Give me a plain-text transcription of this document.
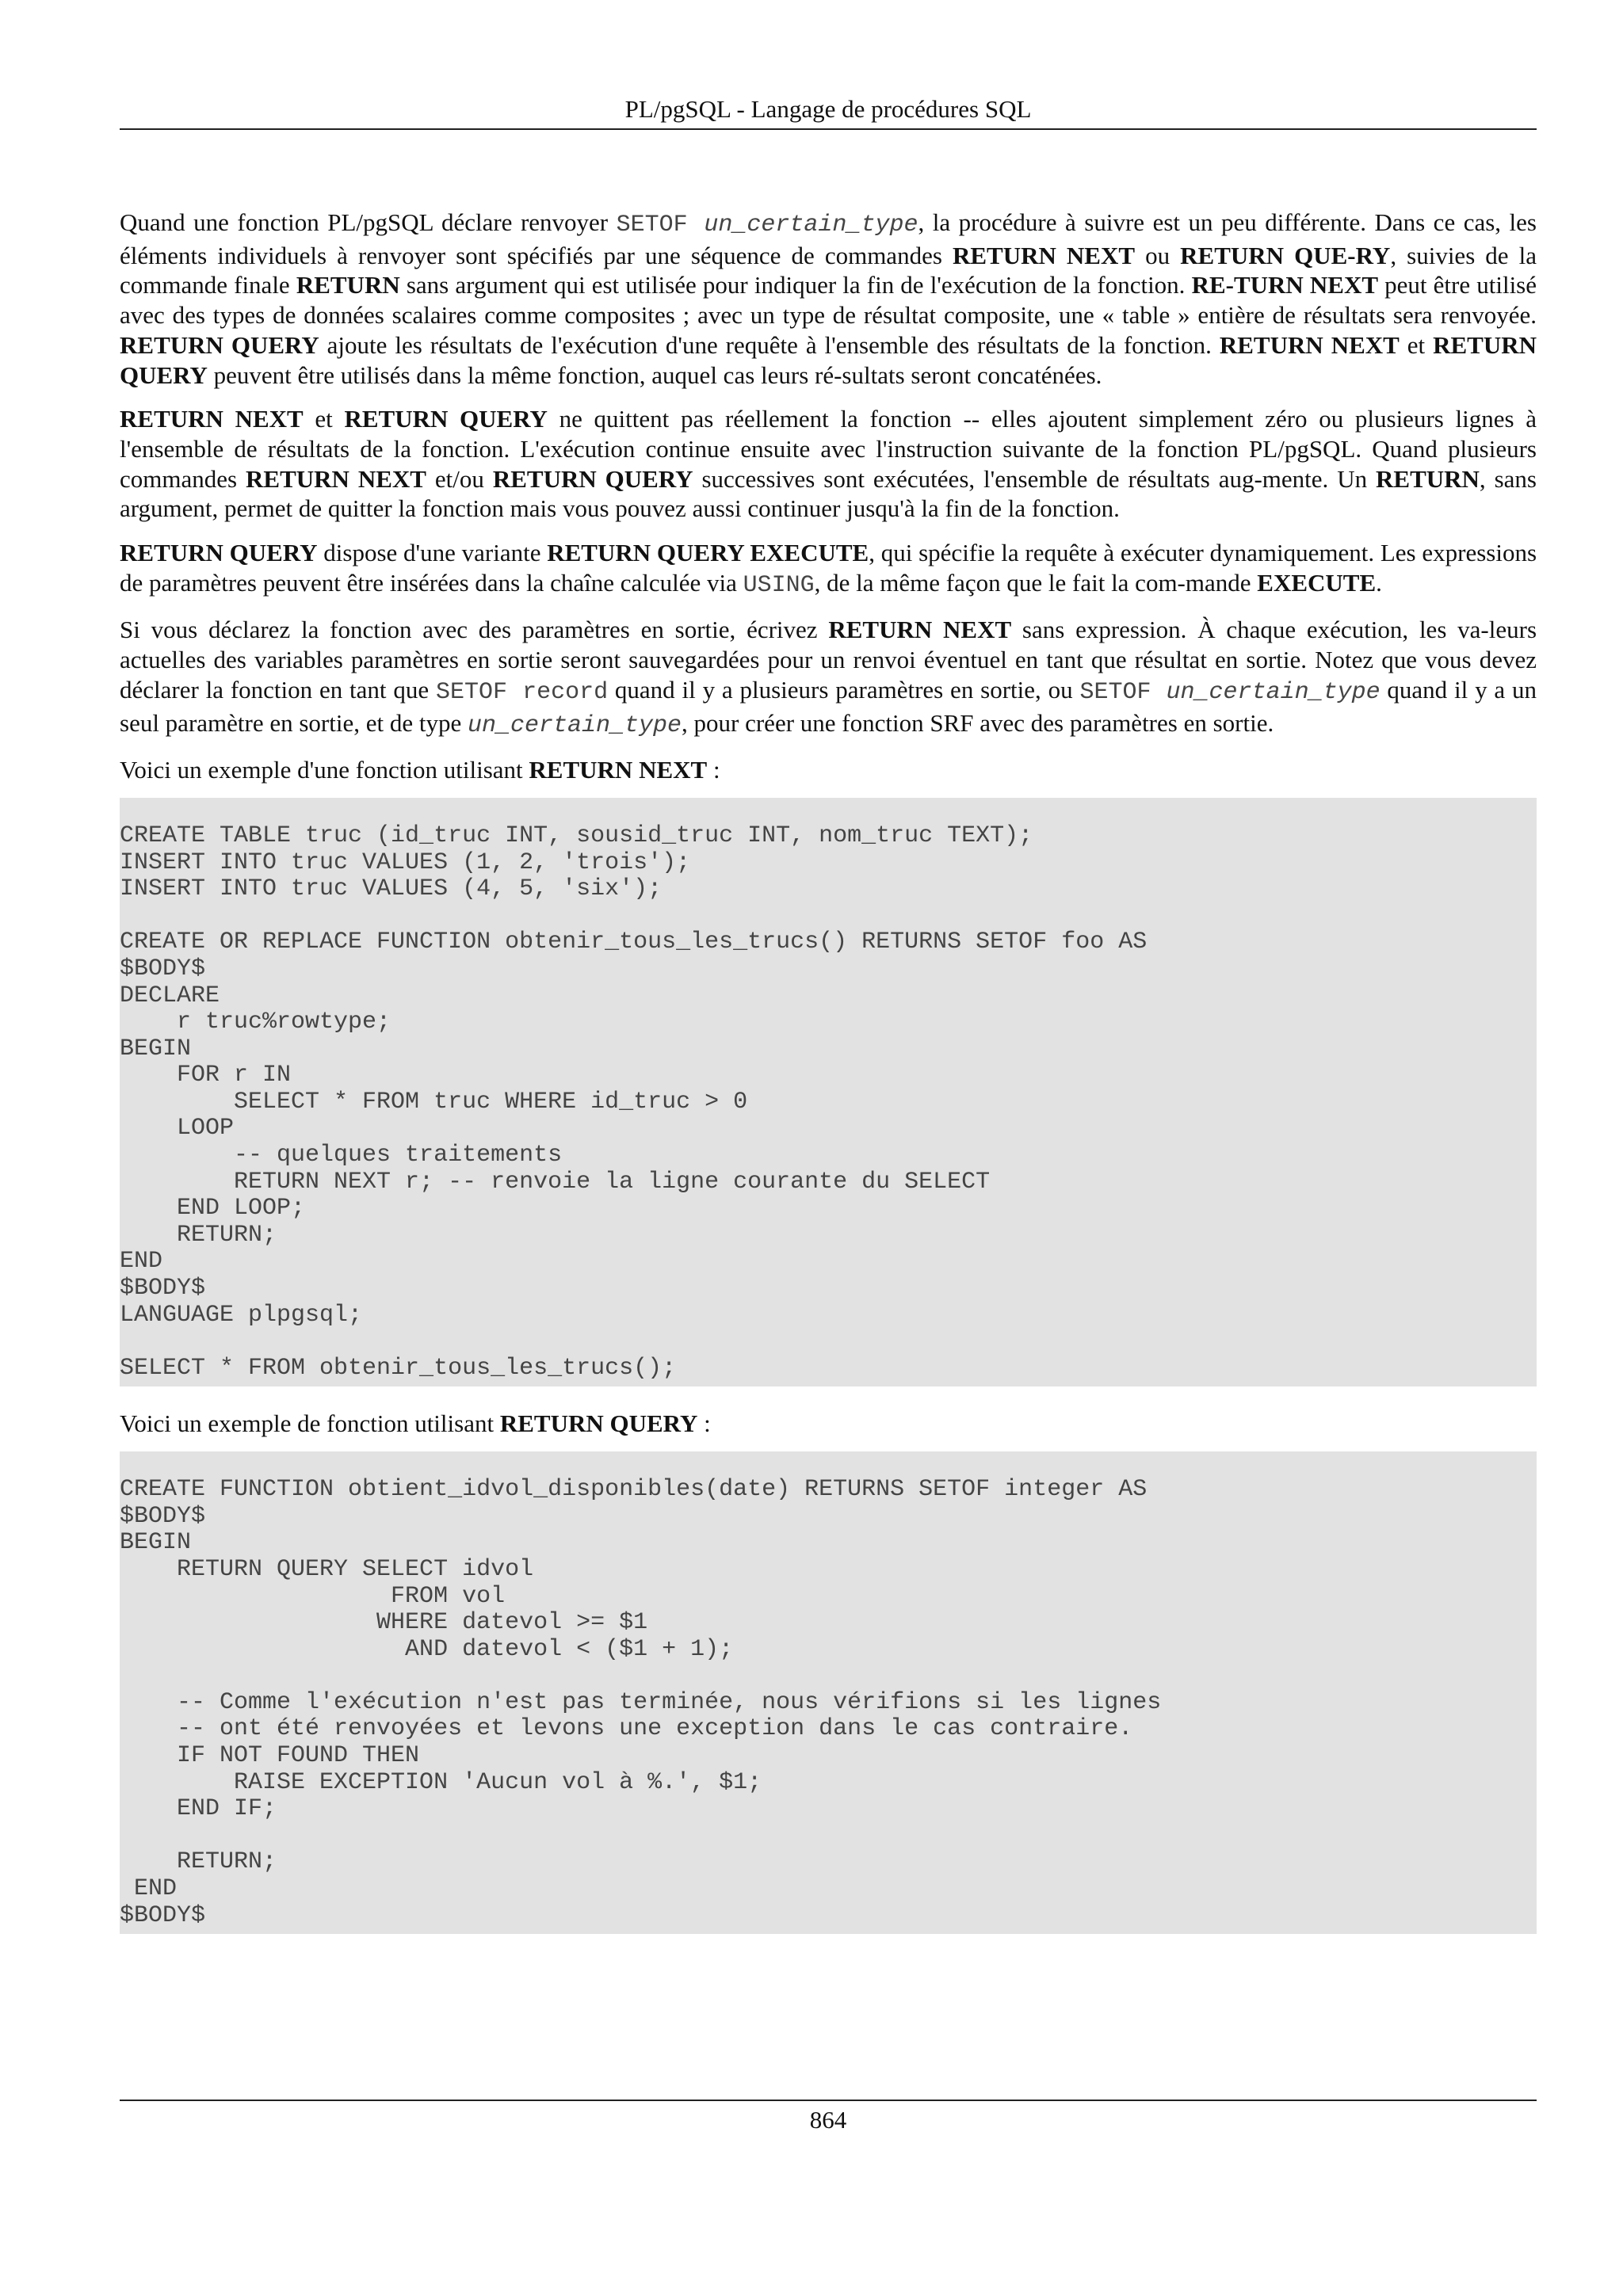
PL/pgSQL - Langage de procédures SQL

Quand une fonction PL/pgSQL déclare renvoyer SETOF un_certain_type, la procédure à suivre est un peu différente. Dans ce cas, les éléments individuels à renvoyer sont spécifiés par une séquence de commandes RETURN NEXT ou RETURN QUE-RY, suivies de la commande finale RETURN sans argument qui est utilisée pour indiquer la fin de l'exécution de la fonction. RE-TURN NEXT peut être utilisé avec des types de données scalaires comme composites ; avec un type de résultat composite, une « table » entière de résultats sera renvoyée. RETURN QUERY ajoute les résultats de l'exécution d'une requête à l'ensemble des résultats de la fonction. RETURN NEXT et RETURN QUERY peuvent être utilisés dans la même fonction, auquel cas leurs ré-sultats seront concaténées.

RETURN NEXT et RETURN QUERY ne quittent pas réellement la fonction -- elles ajoutent simplement zéro ou plusieurs lignes à l'ensemble de résultats de la fonction. L'exécution continue ensuite avec l'instruction suivante de la fonction PL/pgSQL. Quand plusieurs commandes RETURN NEXT et/ou RETURN QUERY successives sont exécutées, l'ensemble de résultats aug-mente. Un RETURN, sans argument, permet de quitter la fonction mais vous pouvez aussi continuer jusqu'à la fin de la fonction.

RETURN QUERY dispose d'une variante RETURN QUERY EXECUTE, qui spécifie la requête à exécuter dynamiquement. Les expressions de paramètres peuvent être insérées dans la chaîne calculée via USING, de la même façon que le fait la com-mande EXECUTE.

Si vous déclarez la fonction avec des paramètres en sortie, écrivez RETURN NEXT sans expression. À chaque exécution, les va-leurs actuelles des variables paramètres en sortie seront sauvegardées pour un renvoi éventuel en tant que résultat en sortie. Notez que vous devez déclarer la fonction en tant que SETOF record quand il y a plusieurs paramètres en sortie, ou SETOF un_certain_type quand il y a un seul paramètre en sortie, et de type un_certain_type, pour créer une fonction SRF avec des paramètres en sortie.

Voici un exemple d'une fonction utilisant RETURN NEXT :

CREATE TABLE truc (id_truc INT, sousid_truc INT, nom_truc TEXT);
INSERT INTO truc VALUES (1, 2, 'trois');
INSERT INTO truc VALUES (4, 5, 'six');

CREATE OR REPLACE FUNCTION obtenir_tous_les_trucs() RETURNS SETOF foo AS
$BODY$
DECLARE
r truc%rowtype;
BEGIN
FOR r IN
SELECT * FROM truc WHERE id_truc > 0
LOOP
-- quelques traitements
RETURN NEXT r; -- renvoie la ligne courante du SELECT
END LOOP;
RETURN;
END
$BODY$
LANGUAGE plpgsql;

SELECT * FROM obtenir_tous_les_trucs();

Voici un exemple de fonction utilisant RETURN QUERY :

CREATE FUNCTION obtient_idvol_disponibles(date) RETURNS SETOF integer AS
$BODY$
BEGIN
RETURN QUERY SELECT idvol
FROM vol
WHERE datevol >= $1
AND datevol < ($1 + 1);

-- Comme l'exécution n'est pas terminée, nous vérifions si les lignes
-- ont été renvoyées et levons une exception dans le cas contraire.
IF NOT FOUND THEN
RAISE EXCEPTION 'Aucun vol à %.', $1;
END IF;

RETURN;
END
$BODY$
864
